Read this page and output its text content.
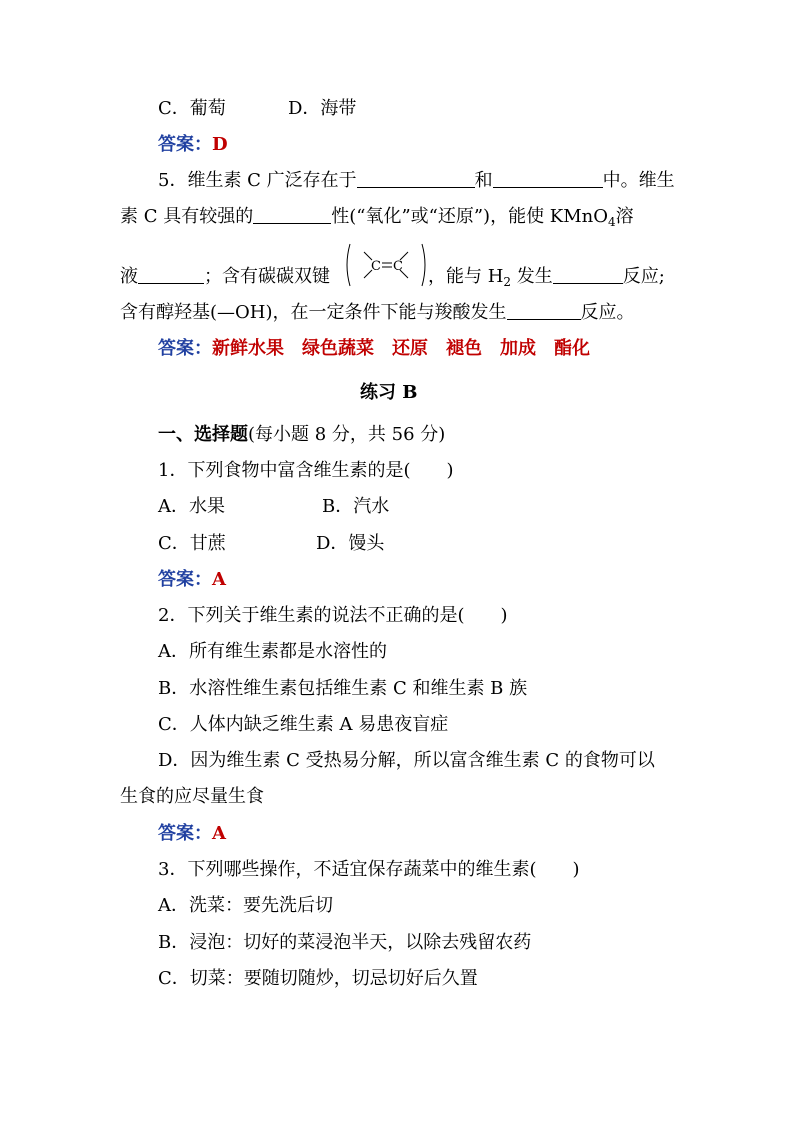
C．葡萄	D．海带
答案：D
5．维生素 C 广泛存在于	和	中。维生
素 C 具有较强的	性(“氧化”或“还原”)，能使 KMnO$_4$溶
液	；含有碳碳双键	C C ，能与 $H_2$ 发生	反应;
含有醇羟基(—OH)，在一定条件下能与羧酸发生	反应。
答案：新鲜水果 绿色蔬菜 还原 褪色 加成 酯化
练习 B
一、选择题(每小题 8 分，共 56 分)
1．下列食物中富含维生素的是(　　)
A．水果	B．汽水
C．甘蔗	D．馒头
答案：A
2．下列关于维生素的说法不正确的是(　　)
A．所有维生素都是水溶性的
B．水溶性维生素包括维生素 C 和维生素 B 族
C．人体内缺乏维生素 A 易患夜盲症
D．因为维生素 C 受热易分解，所以富含维生素 C 的食物可以
生食的应尽量生食
答案：A
3．下列哪些操作，不适宜保存蔬菜中的维生素(　　)
A．洗菜：要先洗后切
B．浸泡：切好的菜浸泡半天，以除去残留农药
C．切菜：要随切随炒，切忌切好后久置
